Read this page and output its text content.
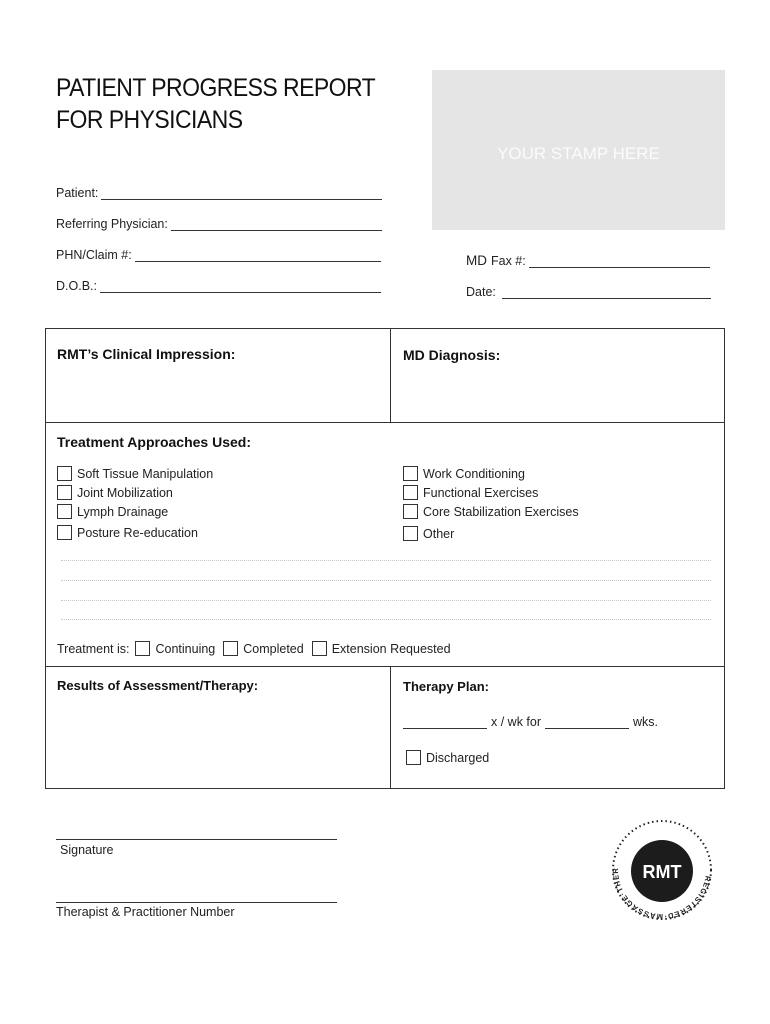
PATIENT PROGRESS REPORT
FOR PHYSICIANS
YOUR STAMP HERE
Patient:
Referring Physician:
PHN/Claim #:
D.O.B.:
MD Fax #:
Date:
RMT’s Clinical Impression:	MD Diagnosis:
Treatment Approaches Used:
Soft Tissue Manipulation
Joint Mobilization
Lymph Drainage
Posture Re-education
Work Conditioning
Functional Exercises
Core Stabilization Exercises
Other
Treatment is: Continuing Completed Extension Requested
Results of Assessment/Therapy:	Therapy Plan:
x / wk for	wks.
Discharged
Signature
Therapist & Practitioner Number
REGISTERED·MASSAGE·THER	RMT
